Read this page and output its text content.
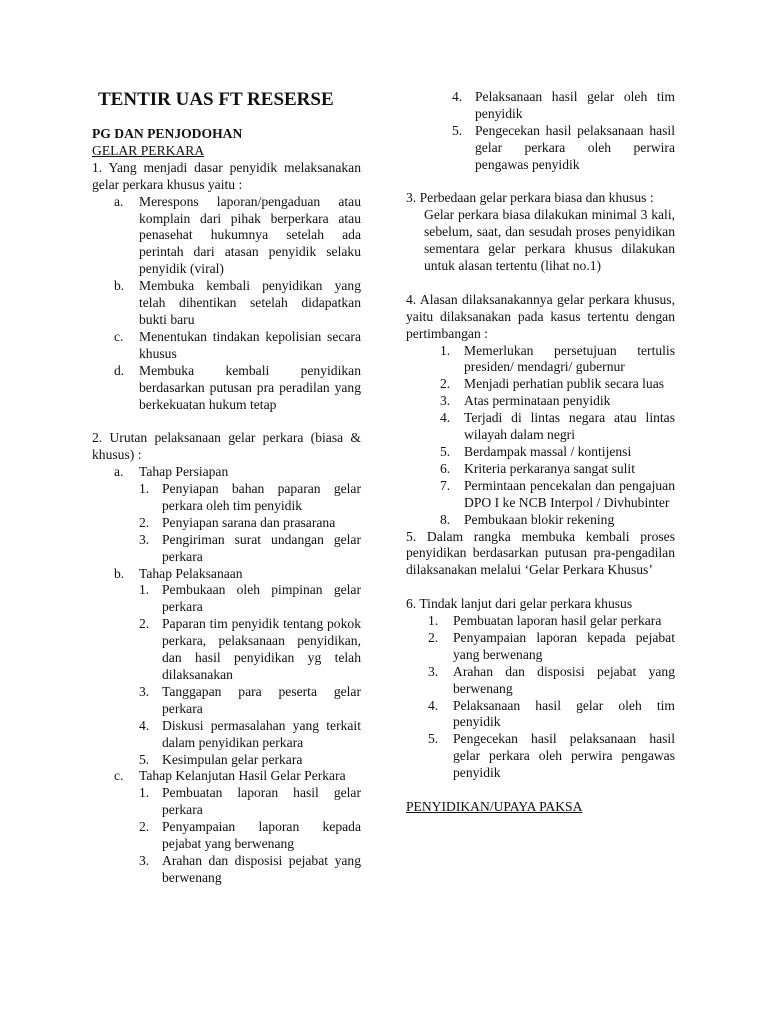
TENTIR UAS FT RESERSE
PG DAN PENJODOHAN
GELAR PERKARA
1. Yang menjadi dasar penyidik melaksanakan gelar perkara khusus yaitu :
a. Merespons laporan/pengaduan atau komplain dari pihak berperkara atau penasehat hukumnya setelah ada perintah dari atasan penyidik selaku penyidik (viral)
b. Membuka kembali penyidikan yang telah dihentikan setelah didapatkan bukti baru
c. Menentukan tindakan kepolisian secara khusus
d. Membuka kembali penyidikan berdasarkan putusan pra peradilan yang berkekuatan hukum tetap
2. Urutan pelaksanaan gelar perkara (biasa & khusus) :
a. Tahap Persiapan
1. Penyiapan bahan paparan gelar perkara oleh tim penyidik
2. Penyiapan sarana dan prasarana
3. Pengiriman surat undangan gelar perkara
b. Tahap Pelaksanaan
1. Pembukaan oleh pimpinan gelar perkara
2. Paparan tim penyidik tentang pokok perkara, pelaksanaan penyidikan, dan hasil penyidikan yg telah dilaksanakan
3. Tanggapan para peserta gelar perkara
4. Diskusi permasalahan yang terkait dalam penyidikan perkara
5. Kesimpulan gelar perkara
c. Tahap Kelanjutan Hasil Gelar Perkara
1. Pembuatan laporan hasil gelar perkara
2. Penyampaian laporan kepada pejabat yang berwenang
3. Arahan dan disposisi pejabat yang berwenang
4. Pelaksanaan hasil gelar oleh tim penyidik
5. Pengecekan hasil pelaksanaan hasil gelar perkara oleh perwira pengawas penyidik
3. Perbedaan gelar perkara biasa dan khusus :
Gelar perkara biasa dilakukan minimal 3 kali, sebelum, saat, dan sesudah proses penyidikan sementara gelar perkara khusus dilakukan untuk alasan tertentu (lihat no.1)
4. Alasan dilaksanakannya gelar perkara khusus, yaitu dilaksanakan pada kasus tertentu dengan pertimbangan :
1. Memerlukan persetujuan tertulis presiden/ mendagri/ gubernur
2. Menjadi perhatian publik secara luas
3. Atas perminataan penyidik
4. Terjadi di lintas negara atau lintas wilayah dalam negri
5. Berdampak massal / kontijensi
6. Kriteria perkaranya sangat sulit
7. Permintaan pencekalan dan pengajuan DPO I ke NCB Interpol / Divhubinter
8. Pembukaan blokir rekening
5. Dalam rangka membuka kembali proses penyidikan berdasarkan putusan pra-pengadilan dilaksanakan melalui ‘Gelar Perkara Khusus’
6. Tindak lanjut dari gelar perkara khusus
1. Pembuatan laporan hasil gelar perkara
2. Penyampaian laporan kepada pejabat yang berwenang
3. Arahan dan disposisi pejabat yang berwenang
4. Pelaksanaan hasil gelar oleh tim penyidik
5. Pengecekan hasil pelaksanaan hasil gelar perkara oleh perwira pengawas penyidik
PENYIDIKAN/UPAYA PAKSA
